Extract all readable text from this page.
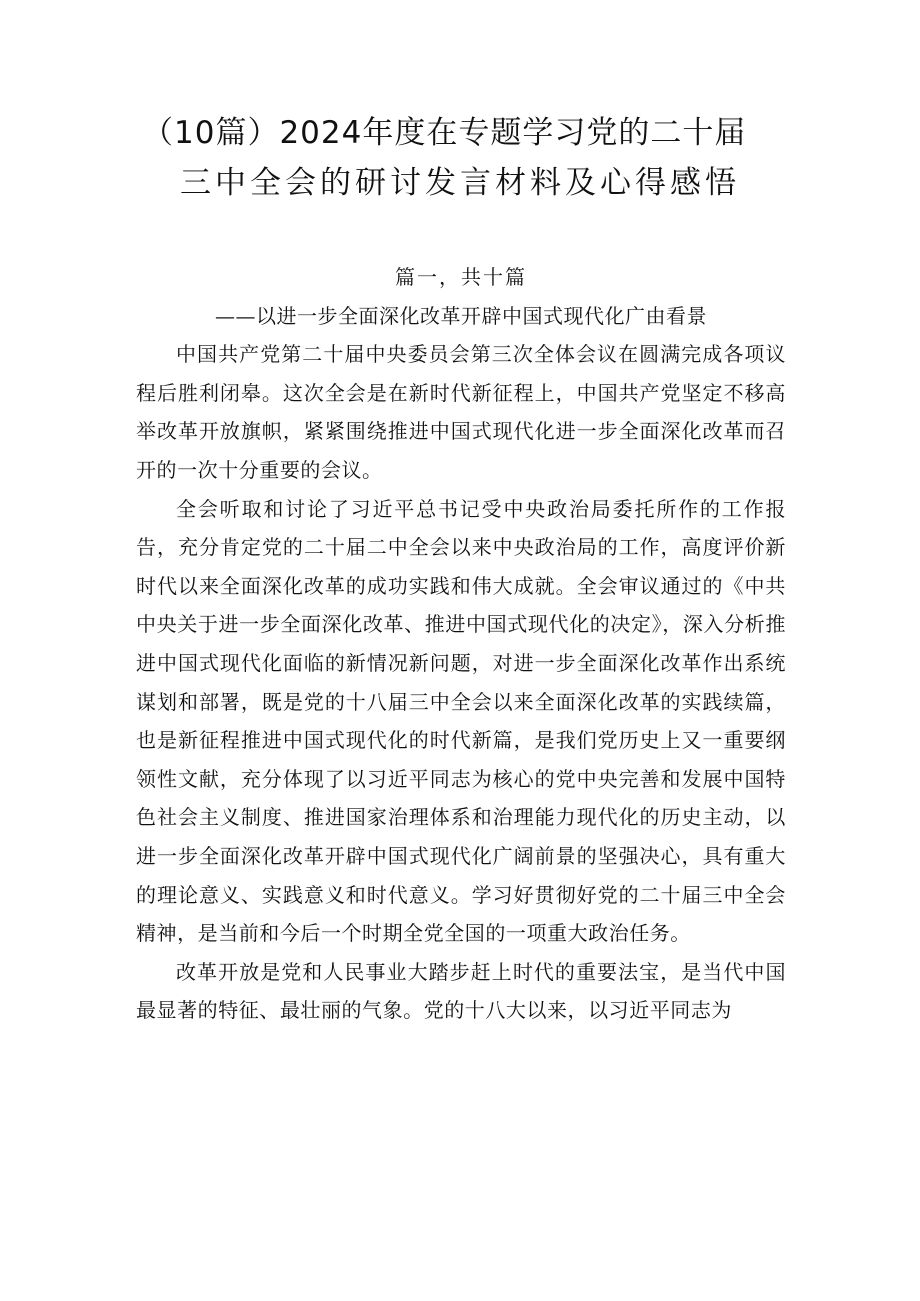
（10篇）2024年度在专题学习党的二十届
三中全会的研讨发言材料及心得感悟

篇一，共十篇

——以进一步全面深化改革开辟中国式现代化广由看景

中国共产党第二十届中央委员会第三次全体会议在圆满完成各项议程后胜利闭皋。这次全会是在新时代新征程上，中国共产党坚定不移高举改革开放旗帜，紧紧围绕推进中国式现代化进一步全面深化改革而召开的一次十分重要的会议。

全会听取和讨论了习近平总书记受中央政治局委托所作的工作报告，充分肯定党的二十届二中全会以来中央政治局的工作，高度评价新时代以来全面深化改革的成功实践和伟大成就。全会审议通过的《中共中央关于进一步全面深化改革、推进中国式现代化的决定》，深入分析推进中国式现代化面临的新情况新问题，对进一步全面深化改革作出系统谋划和部署，既是党的十八届三中全会以来全面深化改革的实践续篇，也是新征程推进中国式现代化的时代新篇，是我们党历史上又一重要纲领性文献，充分体现了以习近平同志为核心的党中央完善和发展中国特色社会主义制度、推进国家治理体系和治理能力现代化的历史主动，以进一步全面深化改革开辟中国式现代化广阔前景的坚强决心，具有重大的理论意义、实践意义和时代意义。学习好贯彻好党的二十届三中全会精神，是当前和今后一个时期全党全国的一项重大政治任务。

改革开放是党和人民事业大踏步赶上时代的重要法宝，是当代中国最显著的特征、最壮丽的气象。党的十八大以来，以习近平同志为
